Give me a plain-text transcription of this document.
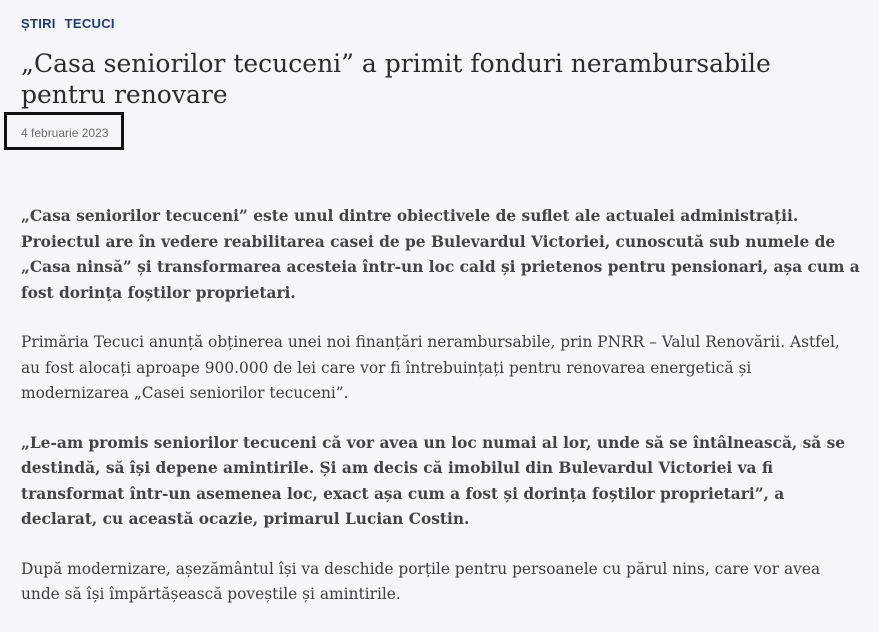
ȘTIRI TECUCI
„Casa seniorilor tecuceni” a primit fonduri nerambursabile pentru renovare
4 februarie 2023

„Casa seniorilor tecuceni” este unul dintre obiectivele de suflet ale actualei administrații. Proiectul are în vedere reabilitarea casei de pe Bulevardul Victoriei, cunoscută sub numele de „Casa ninsă” și transformarea acesteia într-un loc cald și prietenos pentru pensionari, așa cum a fost dorința foștilor proprietari.

Primăria Tecuci anunță obținerea unei noi finanțări nerambursabile, prin PNRR – Valul Renovării. Astfel, au fost alocați aproape 900.000 de lei care vor fi întrebuințați pentru renovarea energetică și modernizarea „Casei seniorilor tecuceni”.

„Le-am promis seniorilor tecuceni că vor avea un loc numai al lor, unde să se întâlnească, să se destindă, să își depene amintirile. Și am decis că imobilul din Bulevardul Victoriei va fi transformat într-un asemenea loc, exact așa cum a fost și dorința foștilor proprietari”, a declarat, cu această ocazie, primarul Lucian Costin.

După modernizare, așezământul își va deschide porțile pentru persoanele cu părul nins, care vor avea unde să își împărtășească poveștile și amintirile.
